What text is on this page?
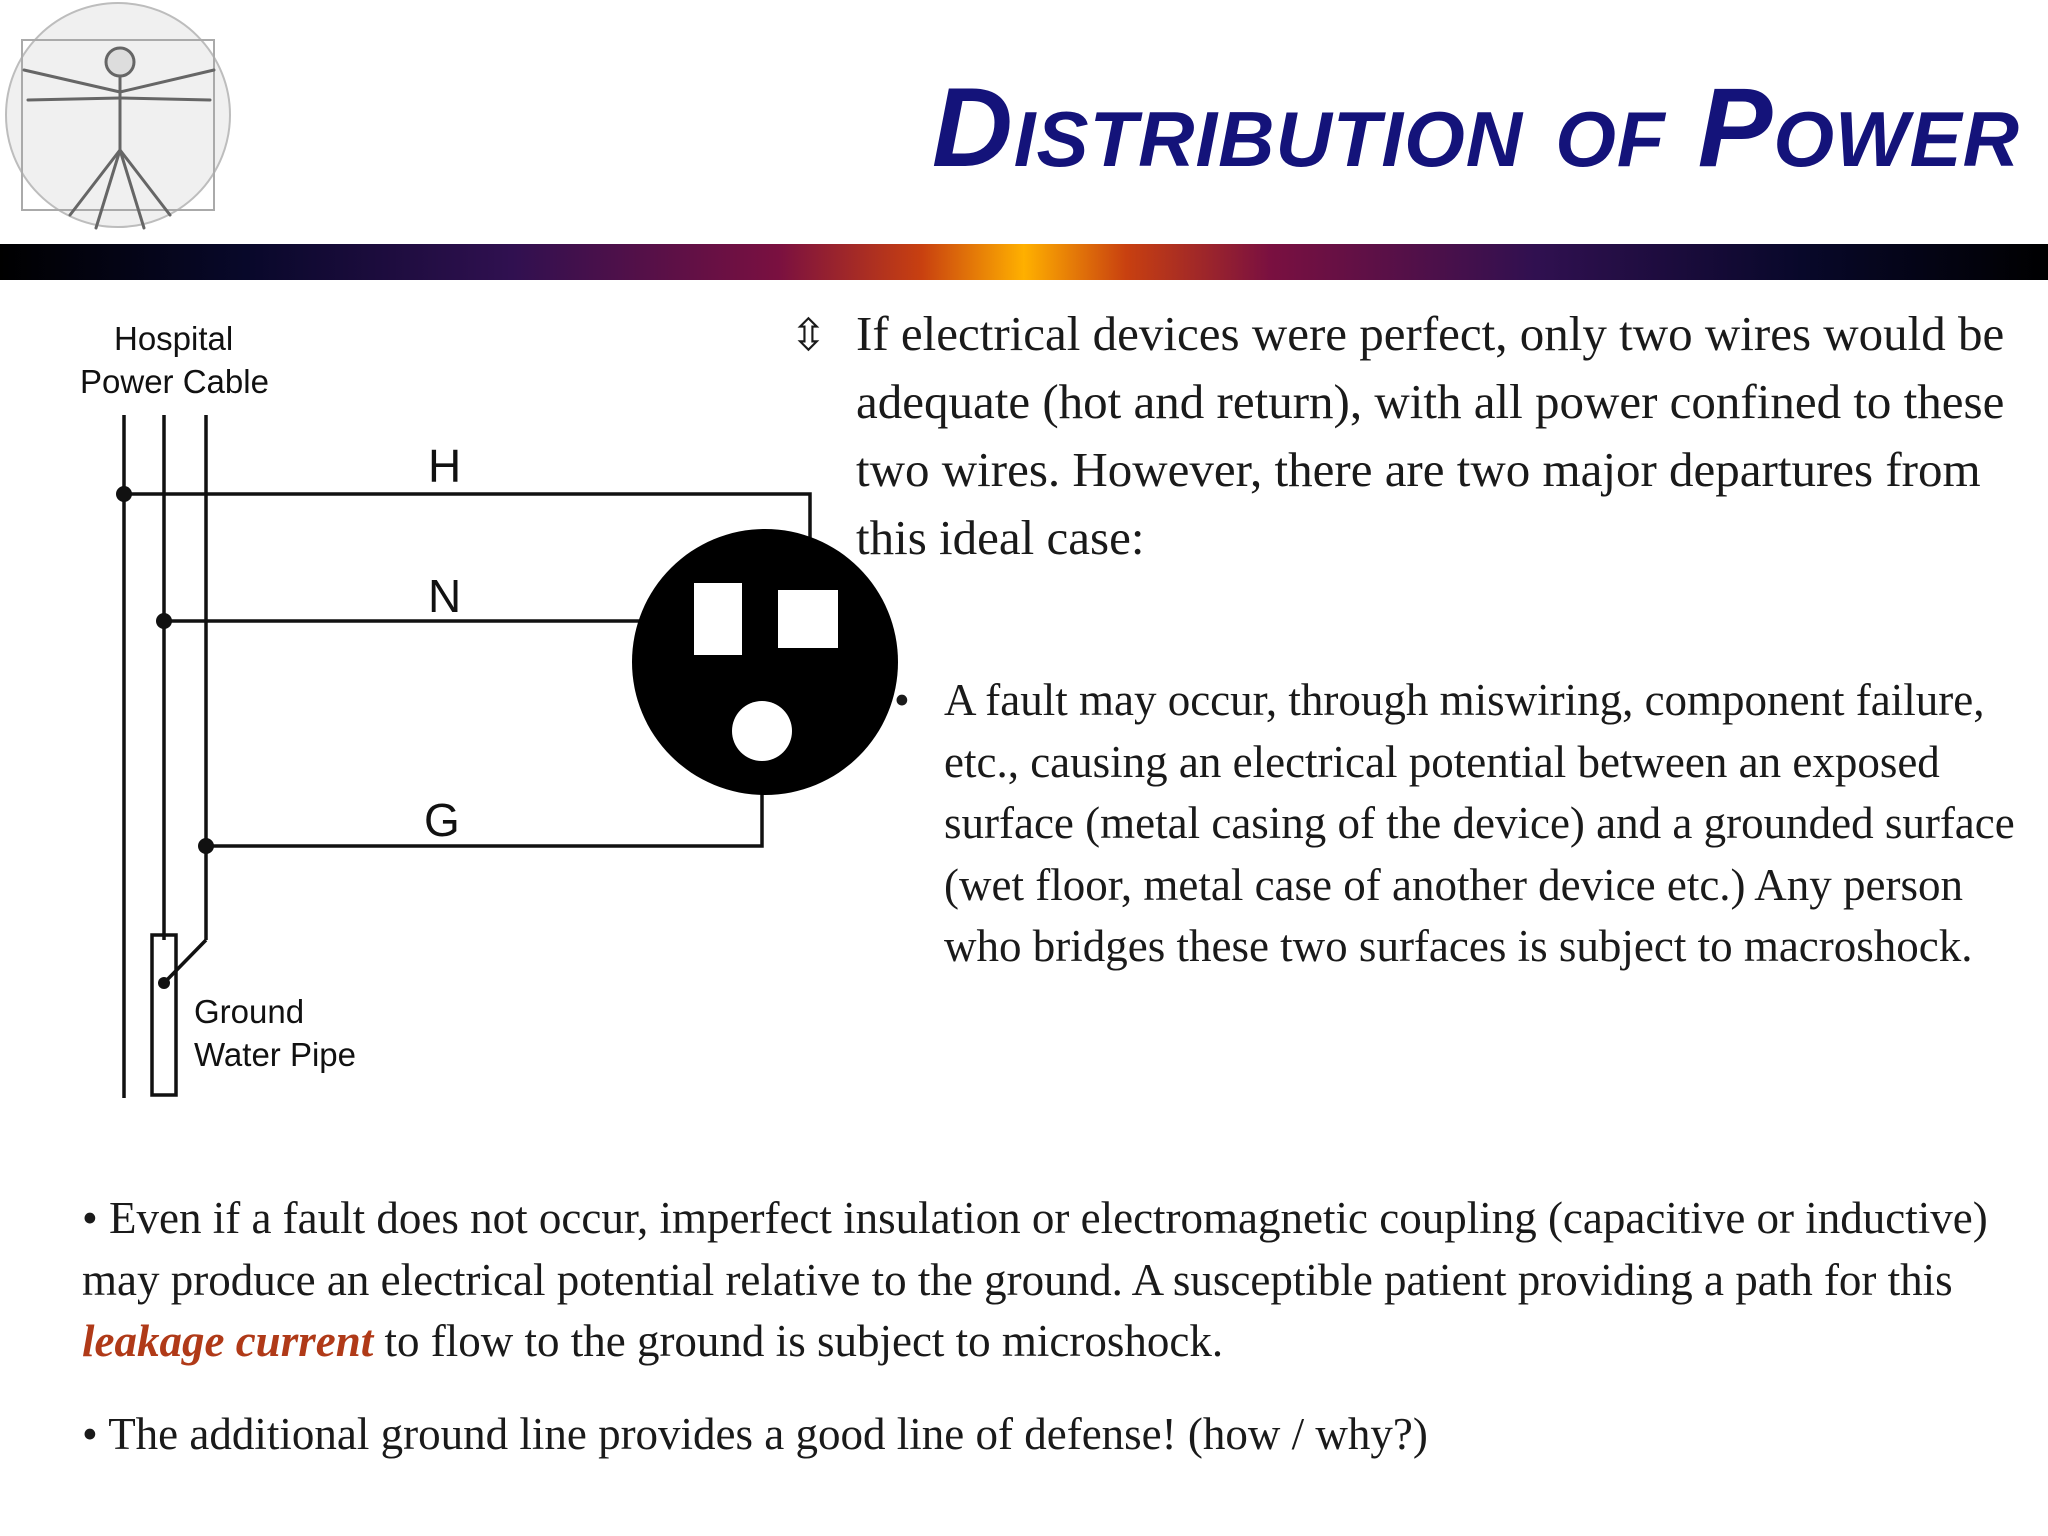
Distribution of Power
Hospital
Power Cable
H
N
G
Ground
Water Pipe
⇳ If electrical devices were perfect, only two wires would be adequate (hot and return), with all power confined to these two wires. However, there are two major departures from this ideal case:
• A fault may occur, through miswiring, component failure, etc., causing an electrical potential between an exposed surface (metal casing of the device) and a grounded surface (wet floor, metal case of another device etc.) Any person who bridges these two surfaces is subject to macroshock.
• Even if a fault does not occur, imperfect insulation or electromagnetic coupling (capacitive or inductive) may produce an electrical potential relative to the ground. A susceptible patient providing a path for this leakage current to flow to the ground is subject to microshock.
• The additional ground line provides a good line of defense! (how / why?)
